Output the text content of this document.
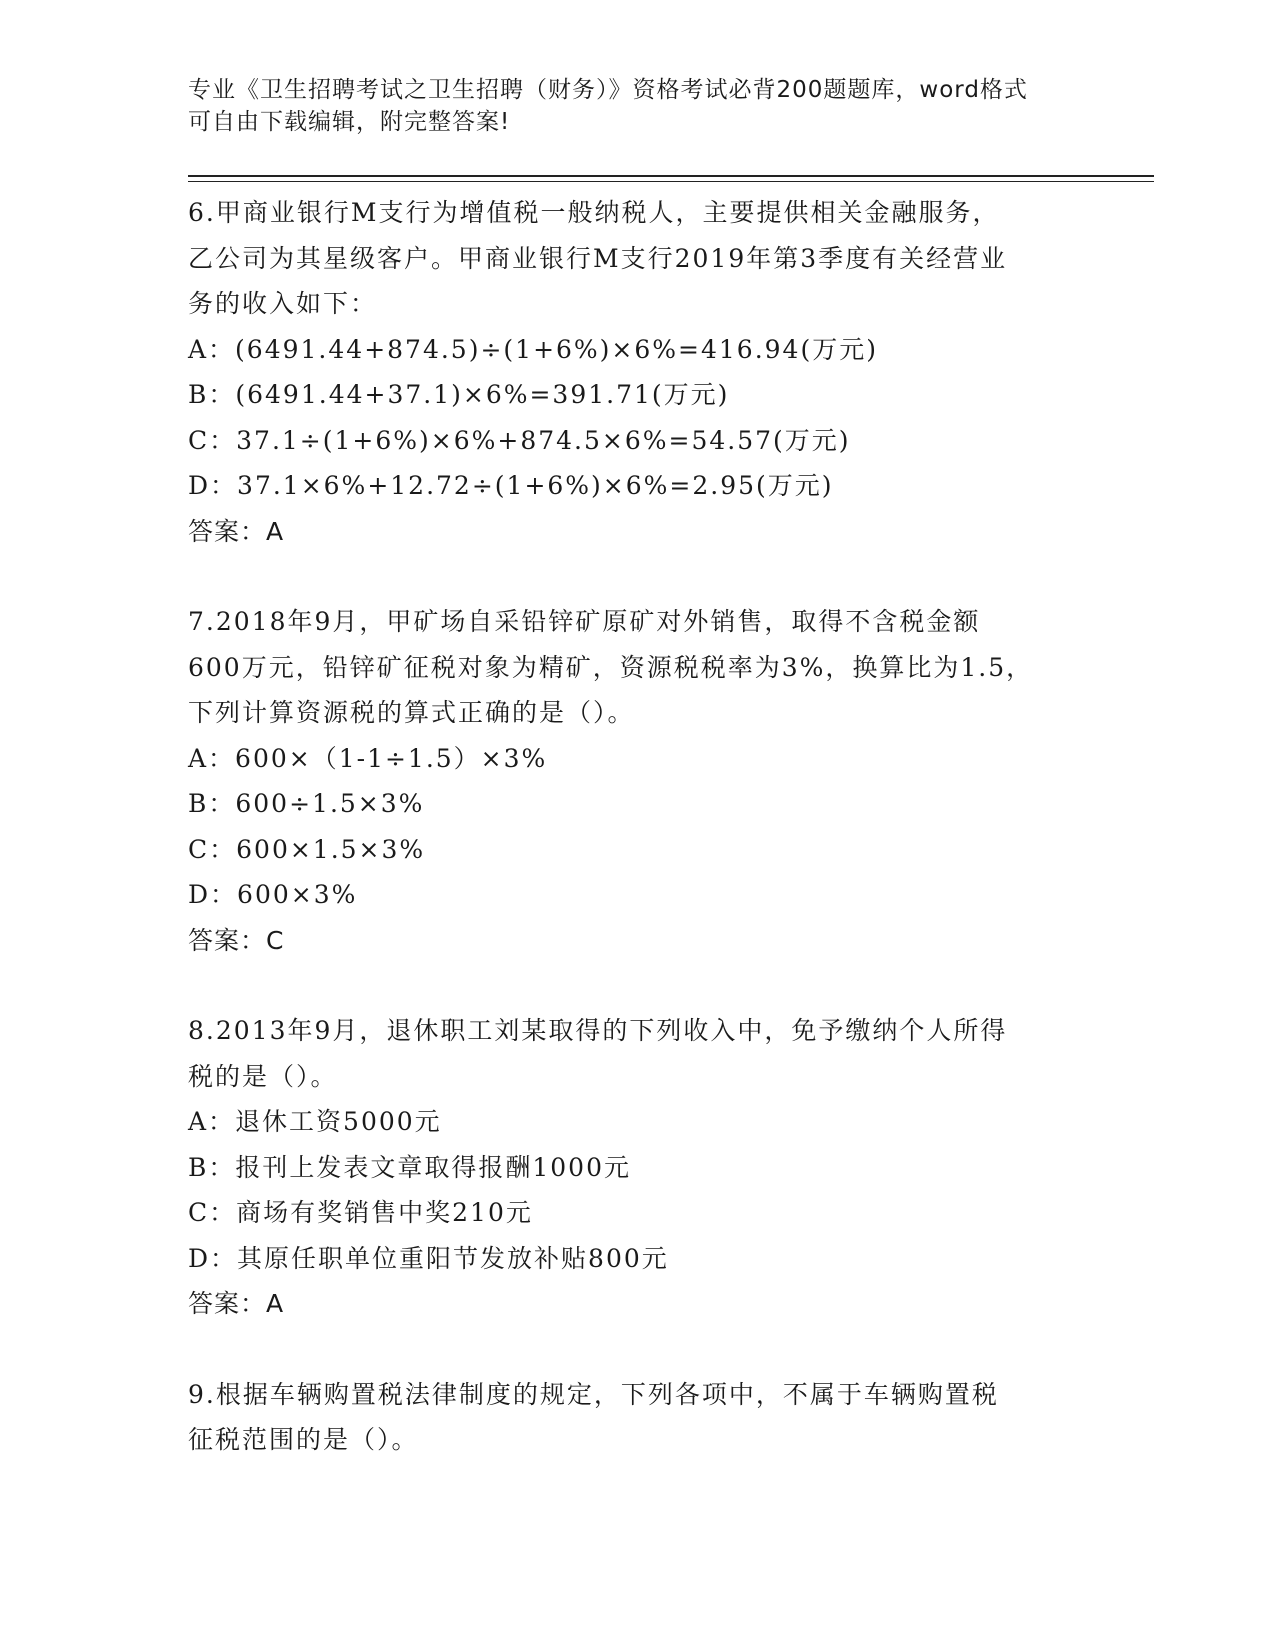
专业《卫生招聘考试之卫生招聘（财务）》资格考试必背200题题库，word格式
可自由下载编辑，附完整答案!
6.甲商业银行M支行为增值税一般纳税人，主要提供相关金融服务，
乙公司为其星级客户。甲商业银行M支行2019年第3季度有关经营业
务的收入如下：
A：(6491.44+874.5)÷(1+6%)×6%=416.94(万元)
B：(6491.44+37.1)×6%=391.71(万元)
C：37.1÷(1+6%)×6%+874.5×6%=54.57(万元)
D：37.1×6%+12.72÷(1+6%)×6%=2.95(万元)
答案：A
7.2018年9月，甲矿场自采铅锌矿原矿对外销售，取得不含税金额
600万元，铅锌矿征税对象为精矿，资源税税率为3%，换算比为1.5，
下列计算资源税的算式正确的是（）。
A：600×（1-1÷1.5）×3%
B：600÷1.5×3%
C：600×1.5×3%
D：600×3%
答案：C
8.2013年9月，退休职工刘某取得的下列收入中，免予缴纳个人所得
税的是（）。
A：退休工资5000元
B：报刊上发表文章取得报酬1000元
C：商场有奖销售中奖210元
D：其原任职单位重阳节发放补贴800元
答案：A
9.根据车辆购置税法律制度的规定，下列各项中，不属于车辆购置税
征税范围的是（）。
